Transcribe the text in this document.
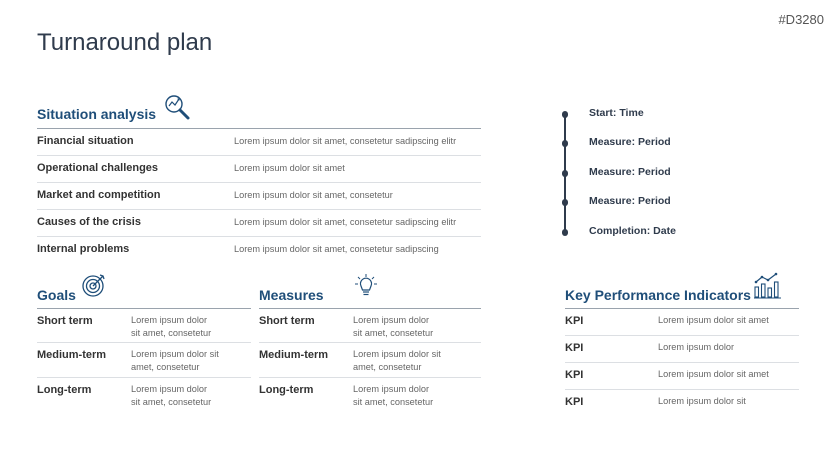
#D3280
Turnaround plan
Situation analysis
Financial situation	Lorem ipsum dolor sit amet, consetetur sadipscing elitr
Operational challenges	Lorem ipsum dolor sit amet
Market and competition	Lorem ipsum dolor sit amet, consetetur
Causes of the crisis	Lorem ipsum dolor sit amet, consetetur sadipscing elitr
Internal problems	Lorem ipsum dolor sit amet, consetetur sadipscing
Start: Time
Measure: Period
Measure: Period
Measure: Period
Completion: Date
Goals
Short term	Lorem ipsum dolor
sit amet, consetetur
Medium-term	Lorem ipsum dolor sit
amet, consetetur
Long-term	Lorem ipsum dolor
sit amet, consetetur
Measures
Short term	Lorem ipsum dolor
sit amet, consetetur
Medium-term	Lorem ipsum dolor sit
amet, consetetur
Long-term	Lorem ipsum dolor
sit amet, consetetur
Key Performance Indicators
KPI	Lorem ipsum dolor sit amet
KPI	Lorem ipsum dolor
KPI	Lorem ipsum dolor sit amet
KPI	Lorem ipsum dolor sit
